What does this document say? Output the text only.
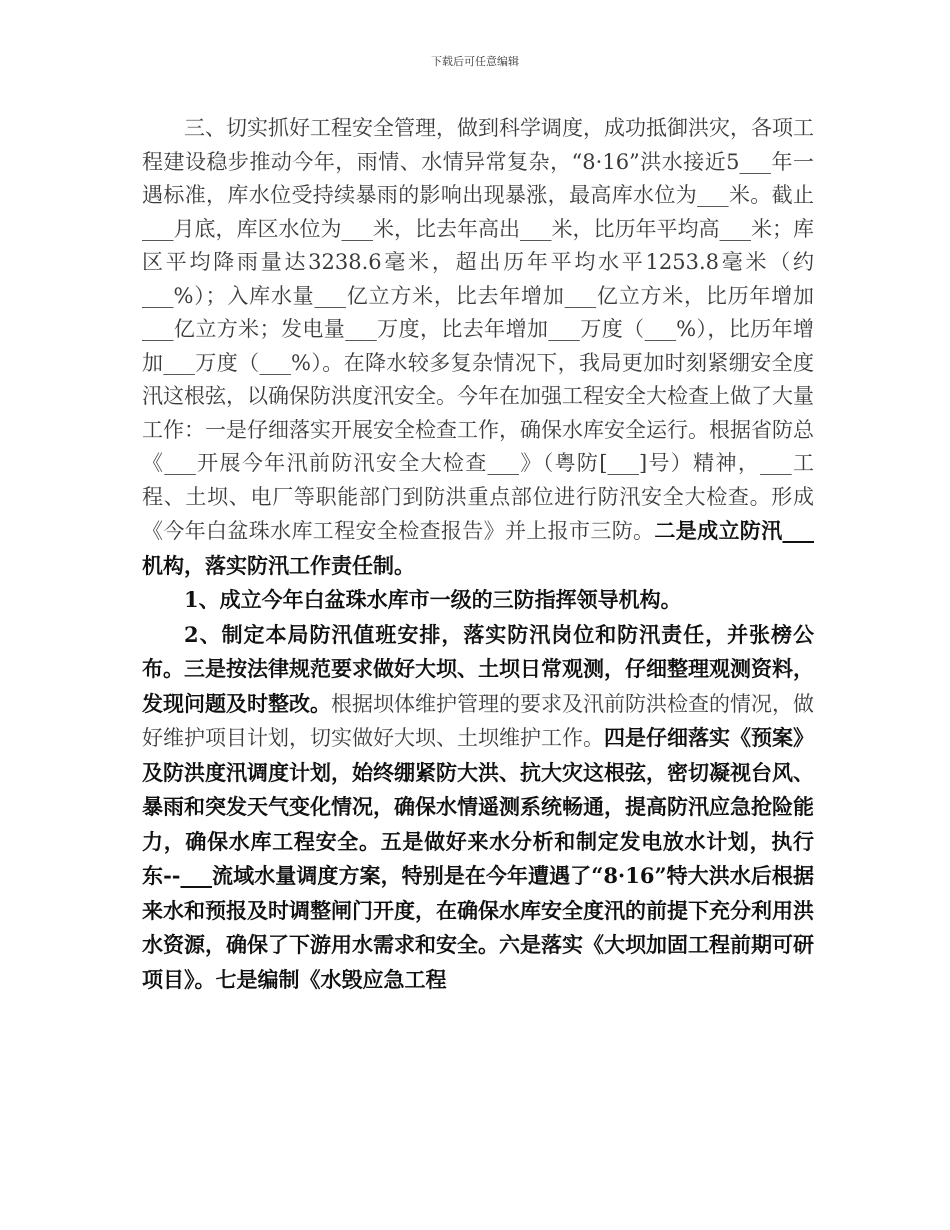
下载后可任意编辑

三、切实抓好工程安全管理，做到科学调度，成功抵御洪灾，各项工程建设稳步推动今年，雨情、水情异常复杂，“8·16”洪水接近5___年一遇标准，库水位受持续暴雨的影响出现暴涨，最高库水位为___米。截止___月底，库区水位为___米，比去年高出___米，比历年平均高___米；库区平均降雨量达3238.6毫米，超出历年平均水平1253.8毫米（约___%）；入库水量___亿立方米，比去年增加___亿立方米，比历年增加___亿立方米；发电量___万度，比去年增加___万度（___%），比历年增加___万度（___%）。在降水较多复杂情况下，我局更加时刻紧绷安全度汛这根弦，以确保防洪度汛安全。今年在加强工程安全大检查上做了大量工作：一是仔细落实开展安全检查工作，确保水库安全运行。根据省防总《___开展今年汛前防汛安全大检查___》（粤防[___]号）精神，___工程、土坝、电厂等职能部门到防洪重点部位进行防汛安全大检查。形成《今年白盆珠水库工程安全检查报告》并上报市三防。二是成立防汛___机构，落实防汛工作责任制。

1、成立今年白盆珠水库市一级的三防指挥领导机构。

2、制定本局防汛值班安排，落实防汛岗位和防汛责任，并张榜公布。三是按法律规范要求做好大坝、土坝日常观测，仔细整理观测资料，发现问题及时整改。根据坝体维护管理的要求及汛前防洪检查的情况，做好维护项目计划，切实做好大坝、土坝维护工作。四是仔细落实《预案》及防洪度汛调度计划，始终绷紧防大洪、抗大灾这根弦，密切凝视台风、暴雨和突发天气变化情况，确保水情遥测系统畅通，提高防汛应急抢险能力，确保水库工程安全。五是做好来水分析和制定发电放水计划，执行东--___流域水量调度方案，特别是在今年遭遇了“8·16”特大洪水后根据来水和预报及时调整闸门开度，在确保水库安全度汛的前提下充分利用洪水资源，确保了下游用水需求和安全。六是落实《大坝加固工程前期可研项目》。七是编制《水毁应急工程
